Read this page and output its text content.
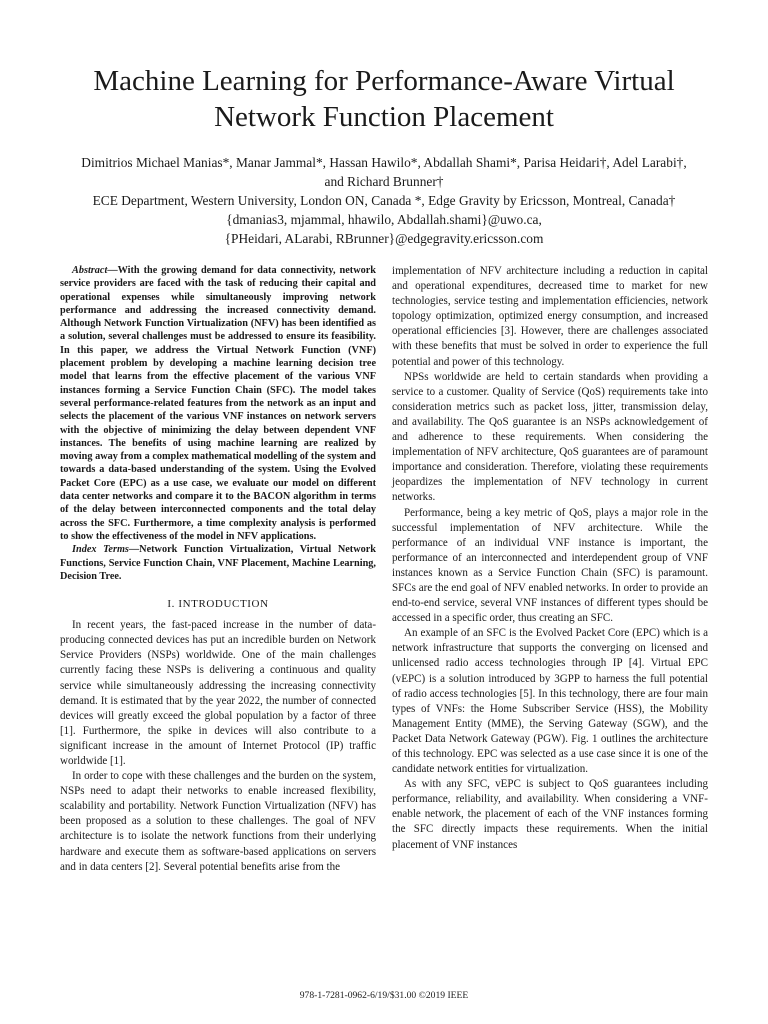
Machine Learning for Performance-Aware Virtual Network Function Placement
Dimitrios Michael Manias*, Manar Jammal*, Hassan Hawilo*, Abdallah Shami*, Parisa Heidari†, Adel Larabi†,
and Richard Brunner†
ECE Department, Western University, London ON, Canada *, Edge Gravity by Ericsson, Montreal, Canada†
{dmanias3, mjammal, hhawilo, Abdallah.shami}@uwo.ca,
{PHeidari, ALarabi, RBrunner}@edgegravity.ericsson.com

Abstract—With the growing demand for data connectivity, network service providers are faced with the task of reducing their capital and operational expenses while simultaneously improving network performance and addressing the increased connectivity demand. Although Network Function Virtualization (NFV) has been identified as a solution, several challenges must be addressed to ensure its feasibility. In this paper, we address the Virtual Network Function (VNF) placement problem by developing a machine learning decision tree model that learns from the effective placement of the various VNF instances forming a Service Function Chain (SFC). The model takes several performance-related features from the network as an input and selects the placement of the various VNF instances on network servers with the objective of minimizing the delay between dependent VNF instances. The benefits of using machine learning are realized by moving away from a complex mathematical modelling of the system and towards a data-based understanding of the system. Using the Evolved Packet Core (EPC) as a use case, we evaluate our model on different data center networks and compare it to the BACON algorithm in terms of the delay between interconnected components and the total delay across the SFC. Furthermore, a time complexity analysis is performed to show the effectiveness of the model in NFV applications.

Index Terms—Network Function Virtualization, Virtual Network Functions, Service Function Chain, VNF Placement, Machine Learning, Decision Tree.

I. INTRODUCTION

In recent years, the fast-paced increase in the number of data-producing connected devices has put an incredible burden on Network Service Providers (NSPs) worldwide. One of the main challenges currently facing these NSPs is delivering a continuous and quality service while simultaneously addressing the increasing connectivity demand. It is estimated that by the year 2022, the number of connected devices will greatly exceed the global population by a factor of three [1]. Furthermore, the spike in devices will also contribute to a significant increase in the amount of Internet Protocol (IP) traffic worldwide [1].

In order to cope with these challenges and the burden on the system, NSPs need to adapt their networks to enable increased flexibility, scalability and portability. Network Function Virtualization (NFV) has been proposed as a solution to these challenges. The goal of NFV architecture is to isolate the network functions from their underlying hardware and execute them as software-based applications on servers and in data centers [2]. Several potential benefits arise from the

implementation of NFV architecture including a reduction in capital and operational expenditures, decreased time to market for new technologies, service testing and implementation efficiencies, network topology optimization, optimized energy consumption, and increased operational efficiencies [3]. However, there are challenges associated with these benefits that must be solved in order to experience the full potential and power of this technology.

NPSs worldwide are held to certain standards when providing a service to a customer. Quality of Service (QoS) requirements take into consideration metrics such as packet loss, jitter, transmission delay, and availability. The QoS guarantee is an NSPs acknowledgement of and adherence to these requirements. When considering the implementation of NFV architecture, QoS guarantees are of paramount importance and consideration. Therefore, violating these requirements jeopardizes the implementation of NFV technology in current networks.

Performance, being a key metric of QoS, plays a major role in the successful implementation of NFV architecture. While the performance of an individual VNF instance is important, the performance of an interconnected and interdependent group of VNF instances known as a Service Function Chain (SFC) is paramount. SFCs are the end goal of NFV enabled networks. In order to provide an end-to-end service, several VNF instances of different types should be accessed in a specific order, thus creating an SFC.

An example of an SFC is the Evolved Packet Core (EPC) which is a network infrastructure that supports the converging on licensed and unlicensed radio access technologies through IP [4]. Virtual EPC (vEPC) is a solution introduced by 3GPP to harness the full potential of radio access technologies [5]. In this technology, there are four main types of VNFs: the Home Subscriber Service (HSS), the Mobility Management Entity (MME), the Serving Gateway (SGW), and the Packet Data Network Gateway (PGW). Fig. 1 outlines the architecture of this technology. EPC was selected as a use case since it is one of the candidate network entities for virtualization.

As with any SFC, vEPC is subject to QoS guarantees including performance, reliability, and availability. When considering a VNF-enable network, the placement of each of the VNF instances forming the SFC directly impacts these requirements. When the initial placement of VNF instances

978-1-7281-0962-6/19/$31.00 ©2019 IEEE
